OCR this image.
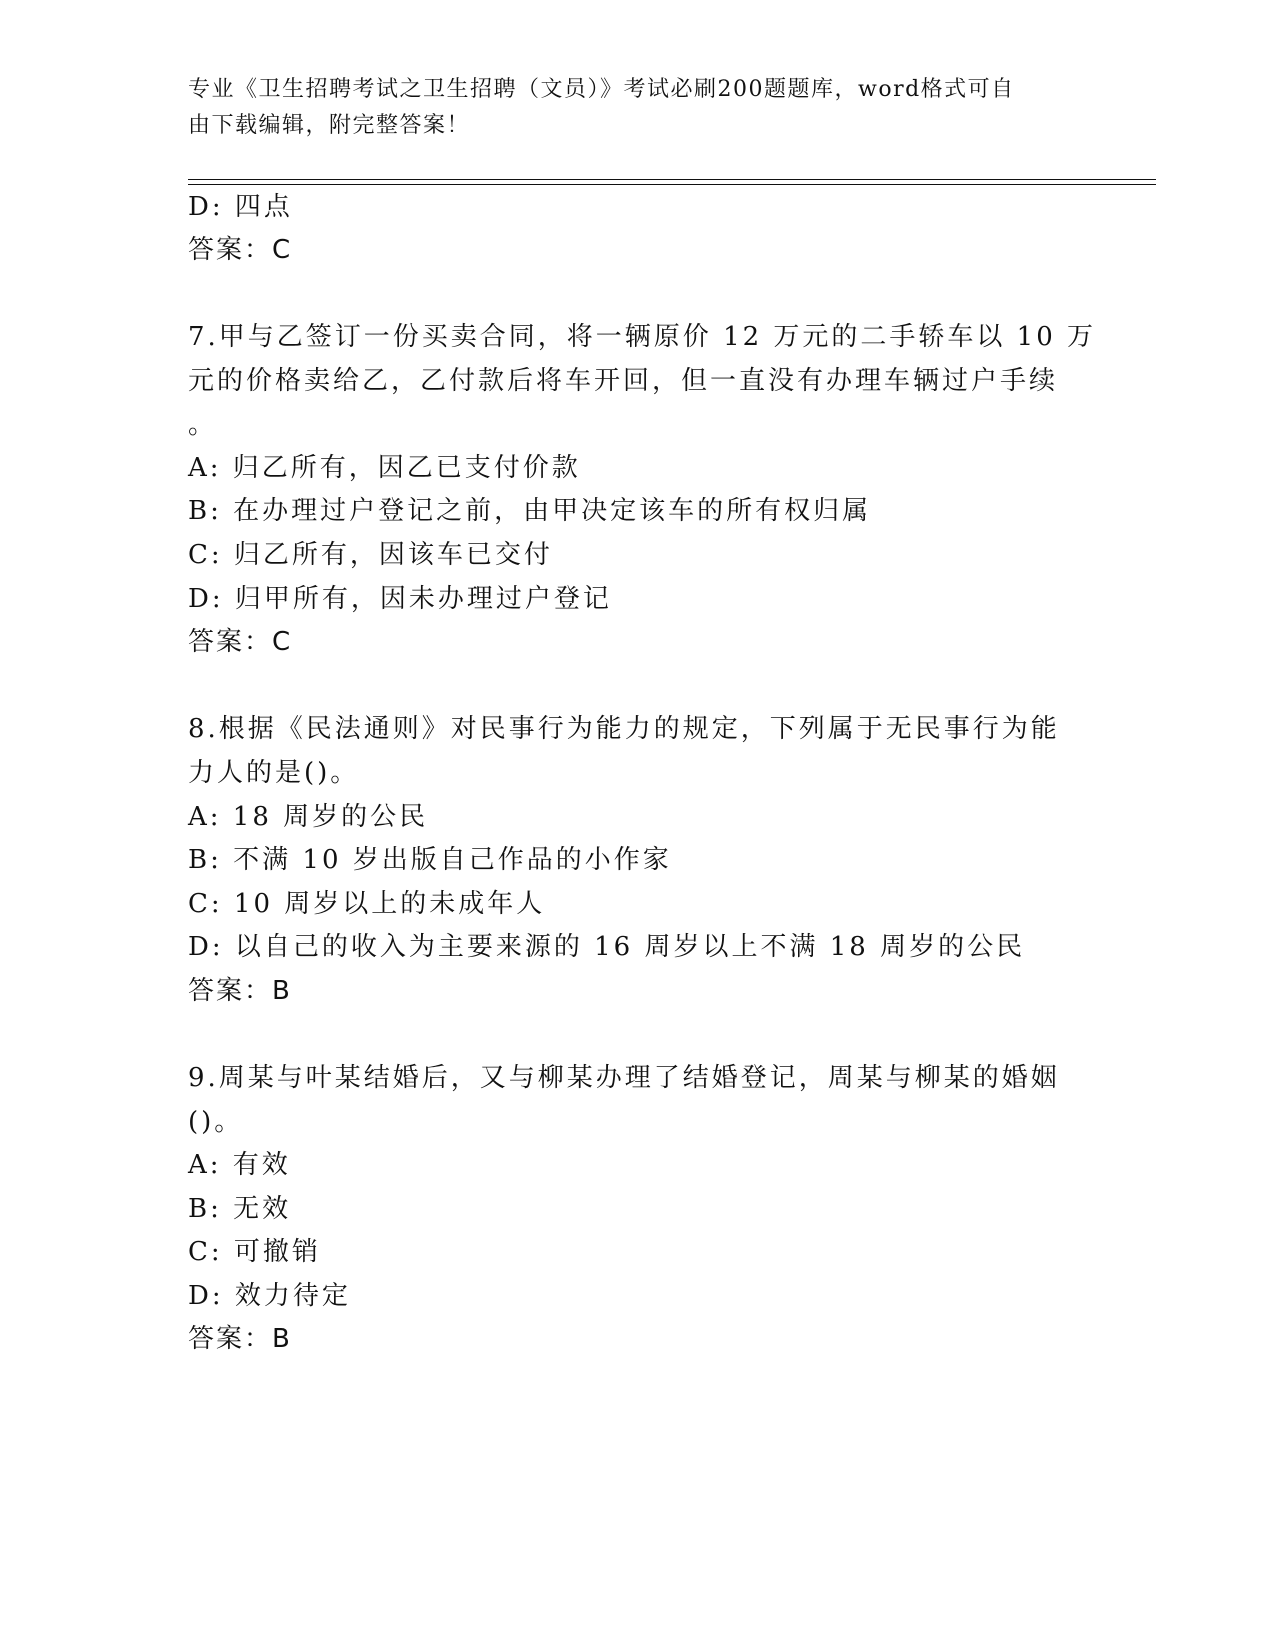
专业《卫生招聘考试之卫生招聘（文员）》考试必刷200题题库，word格式可自
由下载编辑，附完整答案！
D: 四点
答案：C
7.甲与乙签订一份买卖合同，将一辆原价 12 万元的二手轿车以 10 万
元的价格卖给乙，乙付款后将车开回，但一直没有办理车辆过户手续
。
A: 归乙所有，因乙已支付价款
B: 在办理过户登记之前，由甲决定该车的所有权归属
C: 归乙所有，因该车已交付
D: 归甲所有，因未办理过户登记
答案：C
8.根据《民法通则》对民事行为能力的规定，下列属于无民事行为能
力人的是()。
A: 18 周岁的公民
B: 不满 10 岁出版自己作品的小作家
C: 10 周岁以上的未成年人
D: 以自己的收入为主要来源的 16 周岁以上不满 18 周岁的公民
答案：B
9.周某与叶某结婚后，又与柳某办理了结婚登记，周某与柳某的婚姻
()。
A: 有效
B: 无效
C: 可撤销
D: 效力待定
答案：B
